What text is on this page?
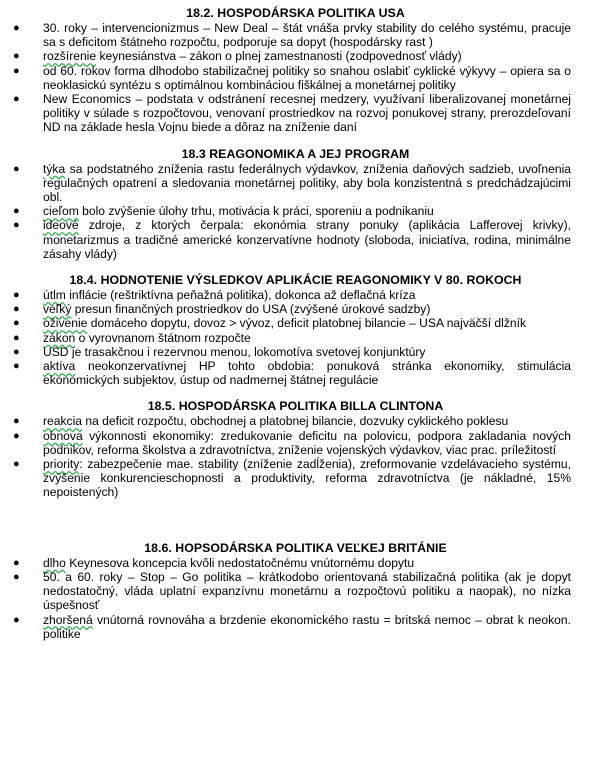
18.2. HOSPODÁRSKA POLITIKA USA
● 30. roky – intervencionizmus – New Deal – štát vnáša prvky stability do celého systému, pracuje sa s deficitom štátneho rozpočtu, podporuje sa dopyt (hospodársky rast )
● rozšírenie keynesiánstva – zákon o plnej zamestnanosti (zodpovednosť vlády)
● od 60. rokov forma dlhodobo stabilizačnej politiky so snahou oslabiť cyklické výkyvy – opiera sa o neoklasickú syntézu s optimálnou kombináciou fiškálnej a monetárnej politiky
● New Economics – podstata v odstránení recesnej medzery, využívaní liberalizovanej monetárnej politiky v súlade s rozpočtovou, venovaní prostriedkov na rozvoj ponukovej strany, prerozdeľovaní ND na základe hesla Vojnu biede a dôraz na zníženie daní
18.3 REAGONOMIKA A JEJ PROGRAM
● týka sa podstatného zníženia rastu federálnych výdavkov, zníženia daňových sadzieb, uvoľnenia regulačných opatrení a sledovania monetárnej politiky, aby bola konzistentná s predchádzajúcimi obl.
● cieľom bolo zvýšenie úlohy trhu, motivácia k práci, sporeniu a podnikaniu
● ideové zdroje, z ktorých čerpala: ekonómia strany ponuky (aplikácia Lafferovej krivky), monetarizmus a tradičné americké konzervatívne hodnoty (sloboda, iniciatíva, rodina, minimálne zásahy vlády)
18.4. HODNOTENIE VÝSLEDKOV APLIKÁCIE REAGONOMIKY V 80. ROKOCH
● útlm inflácie (reštriktívna peňažná politika), dokonca až deflačná kríza
● veľký presun finančných prostriedkov do USA (zvýšené úrokové sadzby)
● oživenie domáceho dopytu, dovoz > vývoz, deficit platobnej bilancie – USA najväčší dlžník
● zákon o vyrovnanom štátnom rozpočte
● USD je trasakčnou i rezervnou menou, lokomotíva svetovej konjunktúry
● aktíva neokonzervatívnej HP tohto obdobia: ponuková stránka ekonomiky, stimulácia ekonomických subjektov, ústup od nadmernej štátnej regulácie
18.5. HOSPODÁRSKA POLITIKA BILLA CLINTONA
● reakcia na deficit rozpočtu, obchodnej a platobnej bilancie, dozvuky cyklického poklesu
● obnova výkonnosti ekonomiky: zredukovanie deficitu na polovicu, podpora zakladania nových podnikov, reforma školstva a zdravotníctva, zníženie vojenských výdavkov, viac prac. príležitostí
● priority: zabezpečenie mae. stability (zníženie zadĺženia), zreformovanie vzdelávacieho systému, zvýšenie konkurencieschopnosti a produktivity, reforma zdravotníctva (je nákladné, 15% nepoistených)
18.6. HOPSODÁRSKA POLITIKA VEĽKEJ BRITÁNIE
● dlho Keynesova koncepcia kvôli nedostatočnému vnútornému dopytu
● 50. a 60. roky – Stop – Go politika – krátkodobo orientovaná stabilizačná politika (ak je dopyt nedostatočný, vláda uplatní expanzívnu monetárnu a rozpočtovú politiku a naopak), no nízka úspešnosť
● zhoršená vnútorná rovnováha a brzdenie ekonomického rastu = britská nemoc – obrat k neokon. politike
